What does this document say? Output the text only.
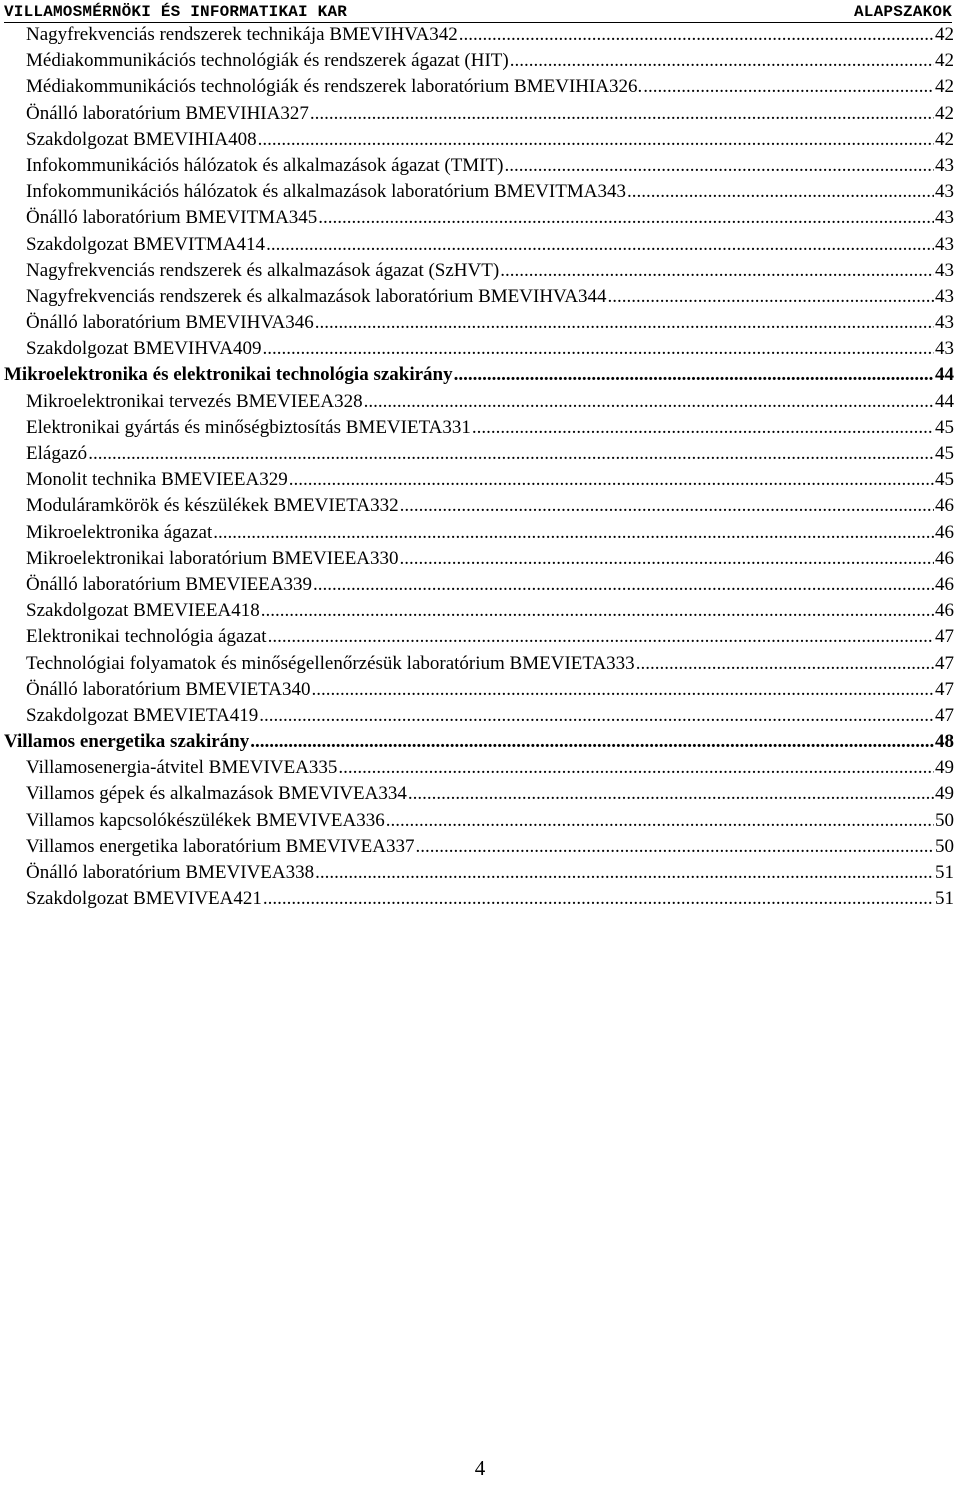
VILLAMOSMÉRNÖKI ÉS INFORMATIKAI KAR	ALAPSZAKOK
Nagyfrekvenciás rendszerek technikája BMEVIHVA342 .....	42
Médiakommunikációs technológiák és rendszerek ágazat (HIT) .....	42
Médiakommunikációs technológiák és rendszerek laboratórium BMEVIHIA326. .....	42
Önálló laboratórium BMEVIHIA327 .....	42
Szakdolgozat BMEVIHIA408 .....	42
Infokommunikációs hálózatok és alkalmazások ágazat (TMIT) .....	43
Infokommunikációs hálózatok és alkalmazások laboratórium BMEVITMA343 .....	43
Önálló laboratórium BMEVITMA345 .....	43
Szakdolgozat BMEVITMA414 .....	43
Nagyfrekvenciás rendszerek és alkalmazások ágazat (SzHVT) .....	43
Nagyfrekvenciás rendszerek és alkalmazások laboratórium BMEVIHVA344 .....	43
Önálló laboratórium BMEVIHVA346 .....	43
Szakdolgozat BMEVIHVA409 .....	43
Mikroelektronika és elektronikai technológia szakirány .....	44
Mikroelektronikai tervezés BMEVIEEA328 .....	44
Elektronikai gyártás és minőségbiztosítás BMEVIETA331 .....	45
Elágazó .....	45
Monolit technika BMEVIEEA329 .....	45
Moduláramkörök és készülékek BMEVIETA332 .....	46
Mikroelektronika ágazat .....	46
Mikroelektronikai laboratórium BMEVIEEA330 .....	46
Önálló laboratórium BMEVIEEA339 .....	46
Szakdolgozat BMEVIEEA418 .....	46
Elektronikai technológia ágazat .....	47
Technológiai folyamatok és minőségellenőrzésük laboratórium BMEVIETA333 .....	47
Önálló laboratórium BMEVIETA340 .....	47
Szakdolgozat BMEVIETA419 .....	47
Villamos energetika szakirány .....	48
Villamosenergia-átvitel BMEVIVEA335 .....	49
Villamos gépek és alkalmazások BMEVIVEA334 .....	49
Villamos kapcsolókészülékek BMEVIVEA336 .....	50
Villamos energetika laboratórium BMEVIVEA337 .....	50
Önálló laboratórium BMEVIVEA338 .....	51
Szakdolgozat BMEVIVEA421 .....	51
4
